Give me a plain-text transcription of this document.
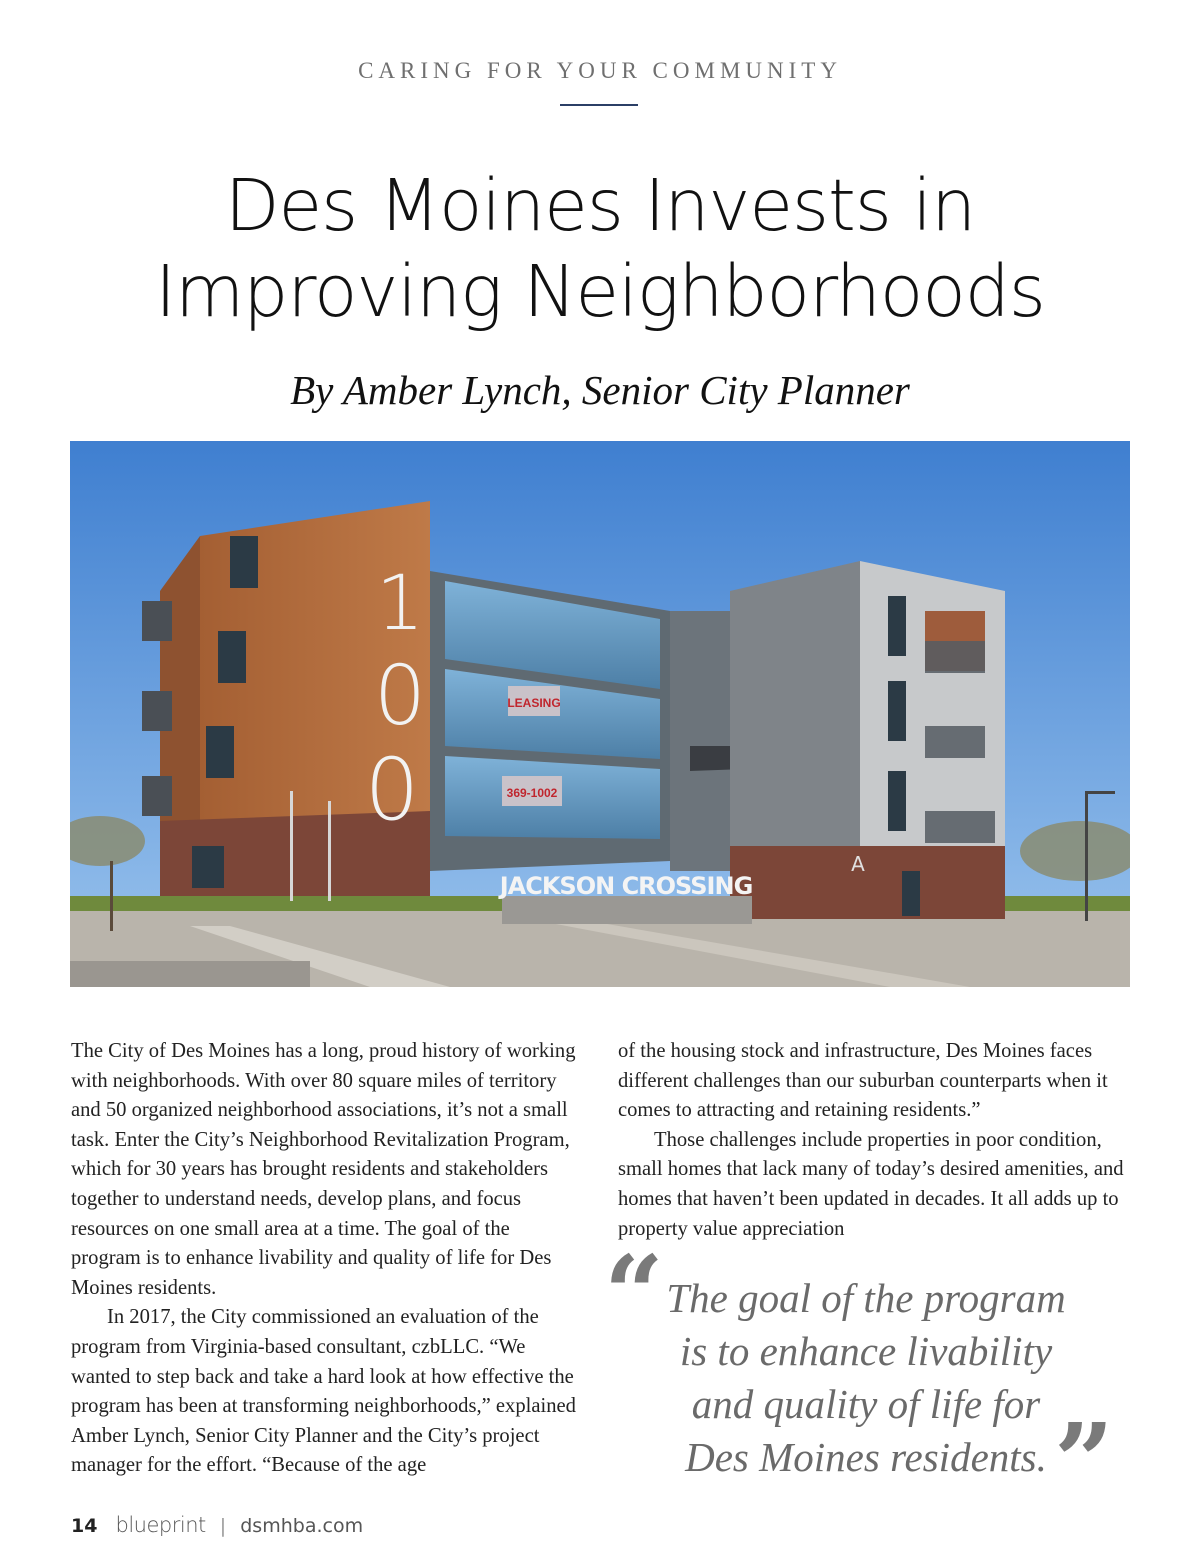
CARING FOR YOUR COMMUNITY
Des Moines Invests in
Improving Neighborhoods
By Amber Lynch, Senior City Planner
1
0
0
LEASING
369-1002
A
JACKSON CROSSING

The City of Des Moines has a long, proud history of working with neighborhoods. With over 80 square miles of territory and 50 organized neighborhood associations, it’s not a small task. Enter the City’s Neighborhood Revitalization Program, which for 30 years has brought residents and stakeholders together to understand needs, develop plans, and focus resources on one small area at a time. The goal of the program is to enhance livability and quality of life for Des Moines residents.

In 2017, the City commissioned an evaluation of the program from Virginia-based consultant, czbLLC. “We wanted to step back and take a hard look at how effective the program has been at transforming neighborhoods,” explained Amber Lynch, Senior City Planner and the City’s project manager for the effort. “Because of the age

of the housing stock and infrastructure, Des Moines faces different challenges than our suburban counterparts when it comes to attracting and retaining residents.”

Those challenges include properties in poor condition, small homes that lack many of today’s desired amenities, and homes that haven’t been updated in decades. It all adds up to property value appreciation

“ The goal of the program
is to enhance livability
and quality of life for
Des Moines residents. ”
14 blueprint | dsmhba.com
